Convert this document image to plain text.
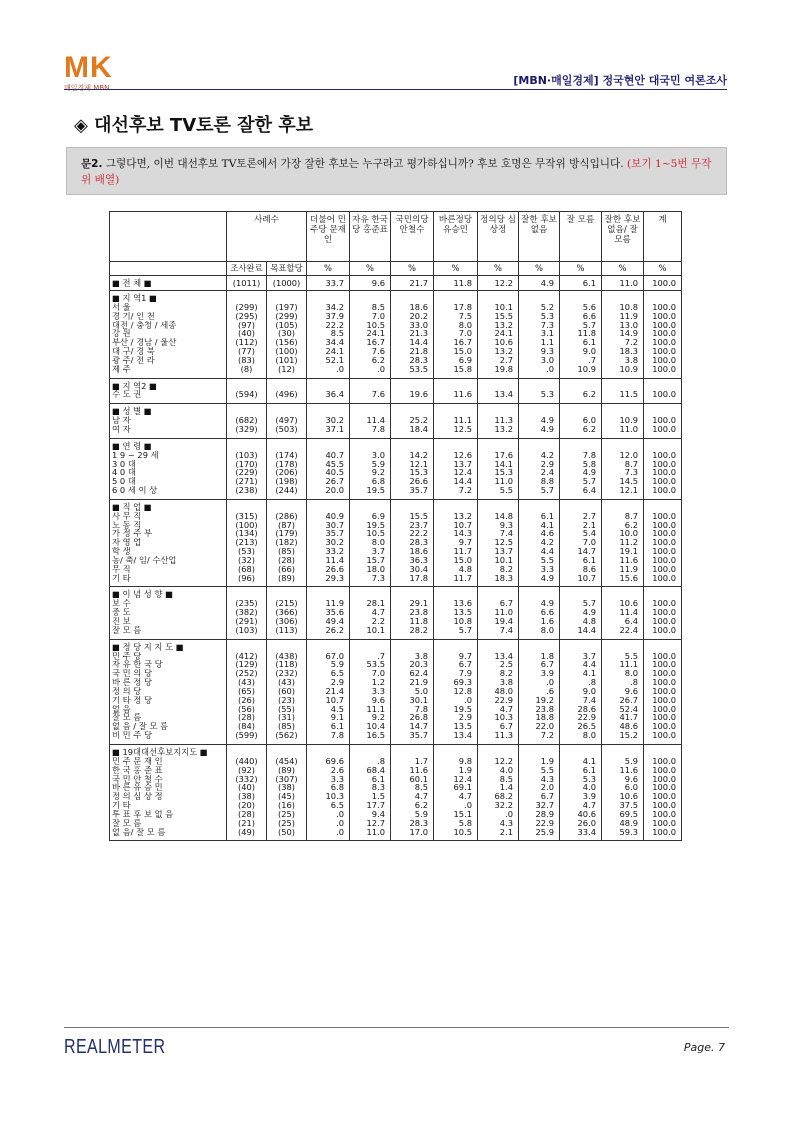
MK
매일경제 MBN
[MBN·매일경제] 정국현안 대국민 여론조사
◈ 대선후보 TV토론 잘한 후보
문2. 그렇다면, 이번 대선후보 TV토론에서 가장 잘한 후보는 누구라고 평가하십니까? 후보 호명은 무작위 방식입니다. (보기 1~5번 무작위 배열)
	사례수		더불어 민주당 문재인	자유 한국당 홍준표	국민의당 안철수	바른정당 유승민	정의당 심상정	잘한 후보 없음	잘 모름	잘한 후보 없음/ 잘 모름	계
	조사완료	목표할당	%	%	%	%	%	%	%	%	%
■ 전 체 ■	(1011)	(1000)	33.7	9.6	21.7	11.8	12.2	4.9	6.1	11.0	100.0
■ 지 역1 ■											
서 울	(299)	(197)	34.2	8.5	18.6	17.8	10.1	5.2	5.6	10.8	100.0
경 기/ 인 천	(295)	(299)	37.9	7.0	20.2	7.5	15.5	5.3	6.6	11.9	100.0
대전 / 충청 / 세종	(97)	(105)	22.2	10.5	33.0	8.0	13.2	7.3	5.7	13.0	100.0
강 원	(40)	(30)	8.5	24.1	21.3	7.0	24.1	3.1	11.8	14.9	100.0
부산 / 경남 / 울산	(112)	(156)	34.4	16.7	14.4	16.7	10.6	1.1	6.1	7.2	100.0
대 구/ 경 북	(77)	(100)	24.1	7.6	21.8	15.0	13.2	9.3	9.0	18.3	100.0
광 주/ 전 라	(83)	(101)	52.1	6.2	28.3	6.9	2.7	3.0	.7	3.8	100.0
제 주	(8)	(12)	.0	.0	53.5	15.8	19.8	.0	10.9	10.9	100.0
■ 지 역2 ■											
수 도 권	(594)	(496)	36.4	7.6	19.6	11.6	13.4	5.3	6.2	11.5	100.0
■ 성 별 ■											
남 자	(682)	(497)	30.2	11.4	25.2	11.1	11.3	4.9	6.0	10.9	100.0
여 자	(329)	(503)	37.1	7.8	18.4	12.5	13.2	4.9	6.2	11.0	100.0
■ 연 령 ■											
1 9 ~ 29 세	(103)	(174)	40.7	3.0	14.2	12.6	17.6	4.2	7.8	12.0	100.0
3 0 대	(170)	(178)	45.5	5.9	12.1	13.7	14.1	2.9	5.8	8.7	100.0
4 0 대	(229)	(206)	40.5	9.2	15.3	12.4	15.3	2.4	4.9	7.3	100.0
5 0 대	(271)	(198)	26.7	6.8	26.6	14.4	11.0	8.8	5.7	14.5	100.0
6 0 세 이 상	(238)	(244)	20.0	19.5	35.7	7.2	5.5	5.7	6.4	12.1	100.0
■ 직 업 ■											
사 무 직	(315)	(286)	40.9	6.9	15.5	13.2	14.8	6.1	2.7	8.7	100.0
노 동 직	(100)	(87)	30.7	19.5	23.7	10.7	9.3	4.1	2.1	6.2	100.0
가 정 주 부	(134)	(179)	35.7	10.5	22.2	14.3	7.4	4.6	5.4	10.0	100.0
자 영 업	(213)	(182)	30.2	8.0	28.3	9.7	12.5	4.2	7.0	11.2	100.0
학 생	(53)	(85)	33.2	3.7	18.6	11.7	13.7	4.4	14.7	19.1	100.0
농/ 축/ 임/ 수산업	(32)	(28)	11.4	15.7	36.3	15.0	10.1	5.5	6.1	11.6	100.0
무 직	(68)	(66)	26.6	18.0	30.4	4.8	8.2	3.3	8.6	11.9	100.0
기 타	(96)	(89)	29.3	7.3	17.8	11.7	18.3	4.9	10.7	15.6	100.0
■ 이 념 성 향 ■											
보 수	(235)	(215)	11.9	28.1	29.1	13.6	6.7	4.9	5.7	10.6	100.0
중 도	(382)	(366)	35.6	4.7	23.8	13.5	11.0	6.6	4.9	11.4	100.0
진 보	(291)	(306)	49.4	2.2	11.8	10.8	19.4	1.6	4.8	6.4	100.0
잘 모 름	(103)	(113)	26.2	10.1	28.2	5.7	7.4	8.0	14.4	22.4	100.0
■ 정 당 지 지 도 ■											
민 주 당	(412)	(438)	67.0	.7	3.8	9.7	13.4	1.8	3.7	5.5	100.0
자 유 한 국 당	(129)	(118)	5.9	53.5	20.3	6.7	2.5	6.7	4.4	11.1	100.0
국 민 의 당	(252)	(232)	6.5	7.0	62.4	7.9	8.2	3.9	4.1	8.0	100.0
바 른 정 당	(43)	(43)	2.9	1.2	21.9	69.3	3.8	.0	.8	.8	100.0
정 의 당	(65)	(60)	21.4	3.3	5.0	12.8	48.0	.6	9.0	9.6	100.0
기 타 정 당	(26)	(23)	10.7	9.6	30.1	.0	22.9	19.2	7.4	26.7	100.0
없 음	(56)	(55)	4.5	11.1	7.8	19.5	4.7	23.8	28.6	52.4	100.0
잘 모 름	(28)	(31)	9.1	9.2	26.8	2.9	10.3	18.8	22.9	41.7	100.0
없 음 / 잘 모 름	(84)	(85)	6.1	10.4	14.7	13.5	6.7	22.0	26.5	48.6	100.0
비 민 주 당	(599)	(562)	7.8	16.5	35.7	13.4	11.3	7.2	8.0	15.2	100.0
■ 19대대선후보지지도 ■											
민 주 문 재 인	(440)	(454)	69.6	.8	1.7	9.8	12.2	1.9	4.1	5.9	100.0
한 국 홍 준 표	(92)	(89)	2.6	68.4	11.6	1.9	4.0	5.5	6.1	11.6	100.0
국 민 안 철 수	(332)	(307)	3.3	6.1	60.1	12.4	8.5	4.3	5.3	9.6	100.0
바 른 유 승 민	(40)	(38)	6.8	8.3	8.5	69.1	1.4	2.0	4.0	6.0	100.0
정 의 심 상 정	(38)	(45)	10.3	1.5	4.7	4.7	68.2	6.7	3.9	10.6	100.0
기 타	(20)	(16)	6.5	17.7	6.2	.0	32.2	32.7	4.7	37.5	100.0
투 표 후 보 없 음	(28)	(25)	.0	9.4	5.9	15.1	.0	28.9	40.6	69.5	100.0
잘 모 름	(21)	(25)	.0	12.7	28.3	5.8	4.3	22.9	26.0	48.9	100.0
없 음/ 잘 모 름	(49)	(50)	.0	11.0	17.0	10.5	2.1	25.9	33.4	59.3	100.0
REALMETER	Page. 7
